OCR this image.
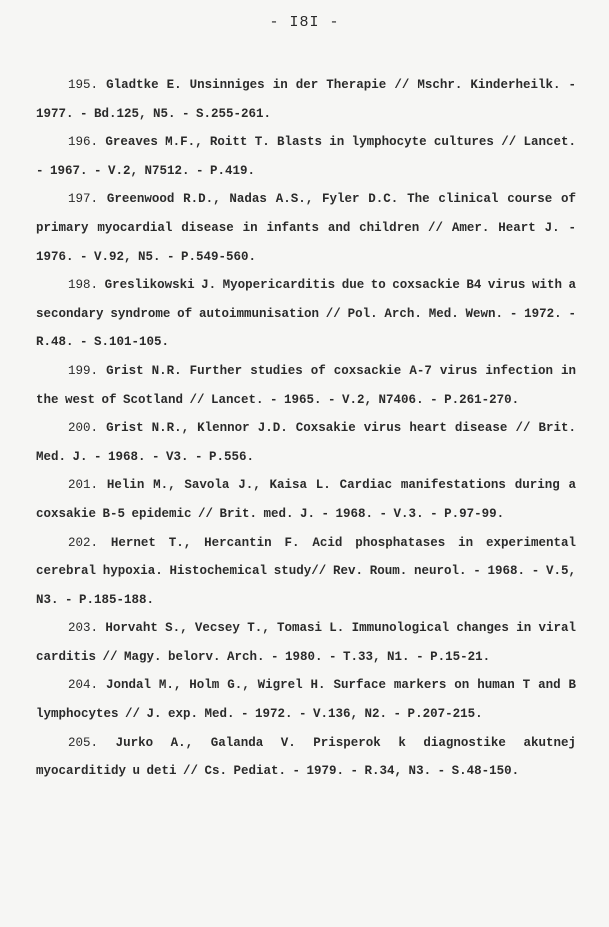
- I8I -
195. Gladtke E. Unsinniges in der Therapie // Mschr. Kinderheilk. - 1977. - Bd.125, N5. - S.255-261.
196. Greaves M.F., Roitt T. Blasts in lymphocyte cultures // Lancet. - 1967. - V.2, N7512. - P.419.
197. Greenwood R.D., Nadas A.S., Fyler D.C. The clinical course of primary myocardial disease in infants and children // Amer. Heart J. - 1976. - V.92, N5. - P.549-560.
198. Greslikowski J. Myopericarditis due to coxsackie B4 virus with a secondary syndrome of autoimmunisation // Pol. Arch. Med. Wewn. - 1972. - R.48. - S.101-105.
199. Grist N.R. Further studies of coxsackie A-7 virus infection in the west of Scotland // Lancet. - 1965. - V.2, N7406. - P.261-270.
200. Grist N.R., Klennor J.D. Coxsakie virus heart disease // Brit. Med. J. - 1968. - V3. - P.556.
201. Helin M., Savola J., Kaisa L. Cardiac manifestations during a coxsakie B-5 epidemic // Brit. med. J. - 1968. - V.3. - P.97-99.
202. Hernet T., Hercantin F. Acid phosphatases in experimental cerebral hypoxia. Histochemical study// Rev. Roum. neurol. - 1968. - V.5, N3. - P.185-188.
203. Horvaht S., Vecsey T., Tomasi L. Immunological changes in viral carditis // Magy. belorv. Arch. - 1980. - T.33, N1. - P.15-21.
204. Jondal M., Holm G., Wigrel H. Surface markers on human T and B lymphocytes // J. exp. Med. - 1972. - V.136, N2. - P.207-215.
205. Jurko A., Galanda V. Prisperok k diagnostike akutnej myocarditidy u deti // Cs. Pediat. - 1979. - R.34, N3. - S.48-150.
